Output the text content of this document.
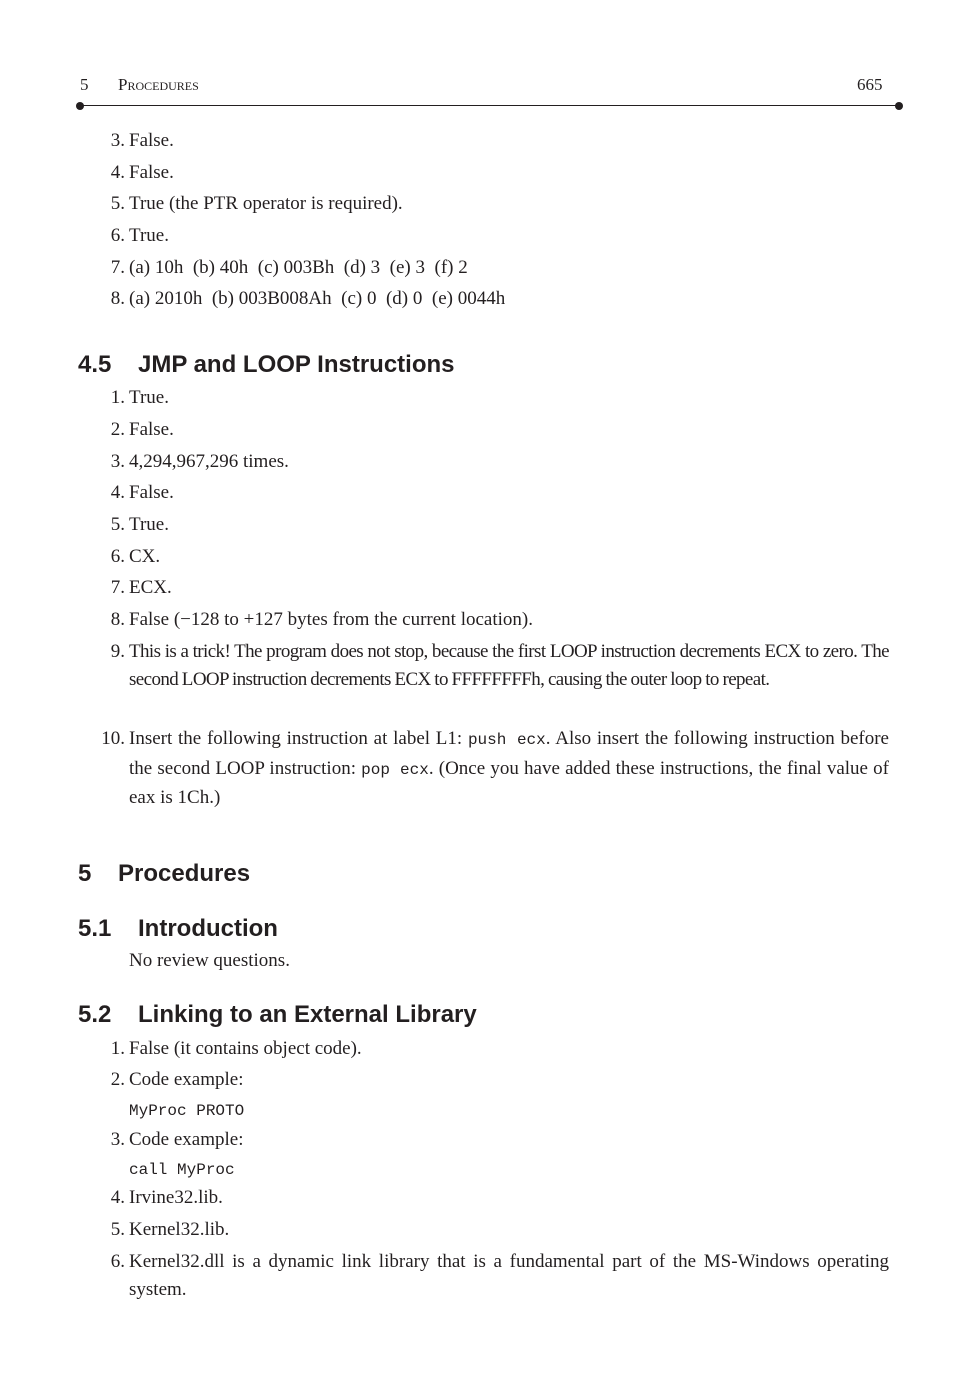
5 Procedures	665
3. False.
4. False.
5. True (the PTR operator is required).
6. True.
7. (a) 10h  (b) 40h  (c) 003Bh  (d) 3  (e) 3  (f) 2
8. (a) 2010h  (b) 003B008Ah  (c) 0  (d) 0  (e) 0044h
4.5 JMP and LOOP Instructions
1. True.
2. False.
3. 4,294,967,296 times.
4. False.
5. True.
6. CX.
7. ECX.
8. False (−128 to +127 bytes from the current location).
9. This is a trick! The program does not stop, because the first LOOP instruction decrements ECX to zero. The second LOOP instruction decrements ECX to FFFFFFFFh, causing the outer loop to repeat.
10. Insert the following instruction at label L1: push ecx. Also insert the following instruction before the second LOOP instruction: pop ecx. (Once you have added these instructions, the final value of eax is 1Ch.)
5 Procedures
5.1 Introduction
No review questions.
5.2 Linking to an External Library
1. False (it contains object code).
2. Code example:
MyProc PROTO
3. Code example:
call MyProc
4. Irvine32.lib.
5. Kernel32.lib.
6. Kernel32.dll is a dynamic link library that is a fundamental part of the MS-Windows operating system.
